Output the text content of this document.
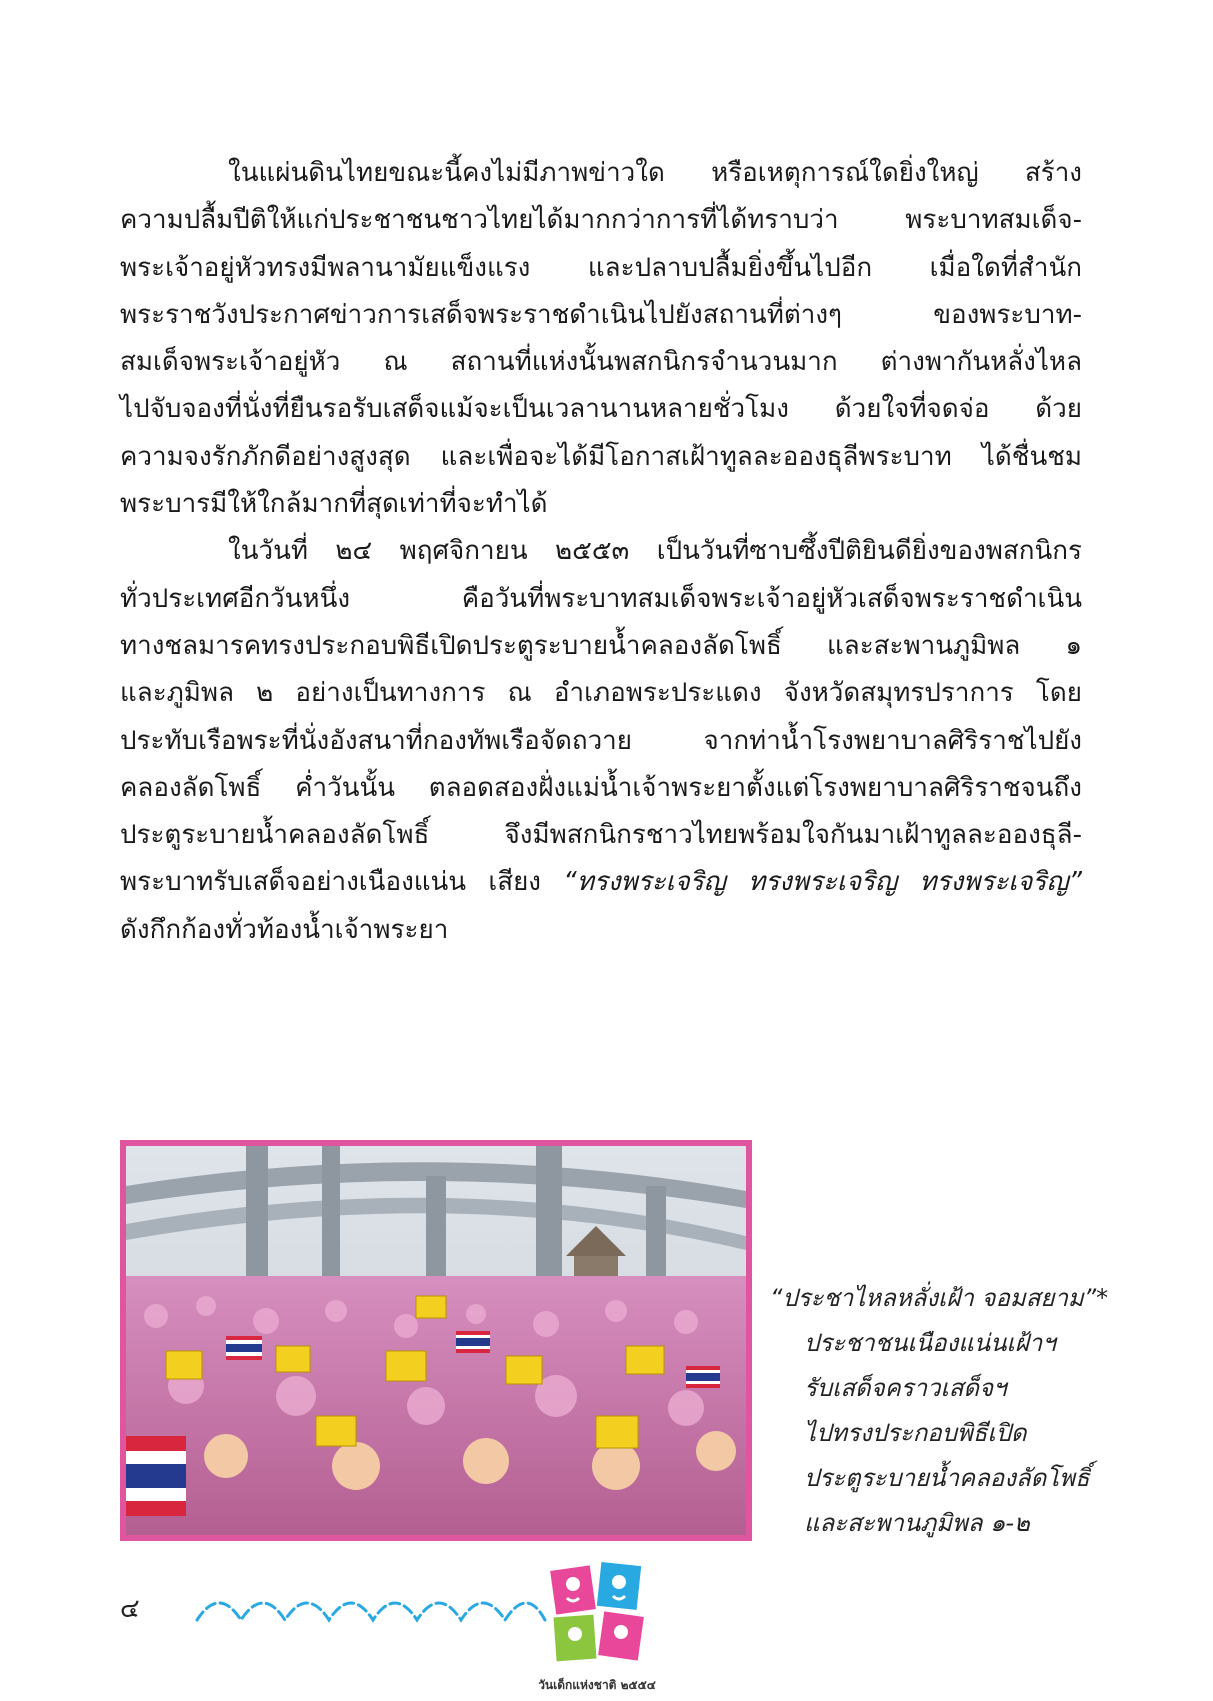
ในแผ่นดินไทยขณะนี้คงไม่มีภาพข่าวใด หรือเหตุการณ์ใดยิ่งใหญ่ สร้าง
ความปลื้มปีติให้แก่ประชาชนชาวไทยได้มากกว่าการที่ได้ทราบว่า พระบาทสมเด็จ-
พระเจ้าอยู่หัวทรงมีพลานามัยแข็งแรง และปลาบปลื้มยิ่งขึ้นไปอีก เมื่อใดที่สำนัก
พระราชวังประกาศข่าวการเสด็จพระราชดำเนินไปยังสถานที่ต่างๆ ของพระบาท-
สมเด็จพระเจ้าอยู่หัว ณ สถานที่แห่งนั้นพสกนิกรจำนวนมาก ต่างพากันหลั่งไหล
ไปจับจองที่นั่งที่ยืนรอรับเสด็จแม้จะเป็นเวลานานหลายชั่วโมง ด้วยใจที่จดจ่อ ด้วย
ความจงรักภักดีอย่างสูงสุด และเพื่อจะได้มีโอกาสเฝ้าทูลละอองธุลีพระบาท ได้ชื่นชม
พระบารมีให้ใกล้มากที่สุดเท่าที่จะทำได้
ในวันที่ ๒๔ พฤศจิกายน ๒๕๕๓ เป็นวันที่ซาบซึ้งปีติยินดียิ่งของพสกนิกร
ทั่วประเทศอีกวันหนึ่ง คือวันที่พระบาทสมเด็จพระเจ้าอยู่หัวเสด็จพระราชดำเนิน
ทางชลมารคทรงประกอบพิธีเปิดประตูระบายน้ำคลองลัดโพธิ์ และสะพานภูมิพล ๑
และภูมิพล ๒ อย่างเป็นทางการ ณ อำเภอพระประแดง จังหวัดสมุทรปราการ โดย
ประทับเรือพระที่นั่งอังสนาที่กองทัพเรือจัดถวาย จากท่าน้ำโรงพยาบาลศิริราชไปยัง
คลองลัดโพธิ์ ค่ำวันนั้น ตลอดสองฝั่งแม่น้ำเจ้าพระยาตั้งแต่โรงพยาบาลศิริราชจนถึง
ประตูระบายน้ำคลองลัดโพธิ์ จึงมีพสกนิกรชาวไทยพร้อมใจกันมาเฝ้าทูลละอองธุลี-
พระบาทรับเสด็จอย่างเนืองแน่น เสียง “ทรงพระเจริญ ทรงพระเจริญ ทรงพระเจริญ”
ดังกึกก้องทั่วท้องน้ำเจ้าพระยา
“ประชาไหลหลั่งเฝ้า จอมสยาม”*
ประชาชนเนืองแน่นเฝ้าฯ
รับเสด็จคราวเสด็จฯ
ไปทรงประกอบพิธีเปิด
ประตูระบายน้ำคลองลัดโพธิ์
และสะพานภูมิพล ๑-๒
๔
วันเด็กแห่งชาติ ๒๕๕๔
